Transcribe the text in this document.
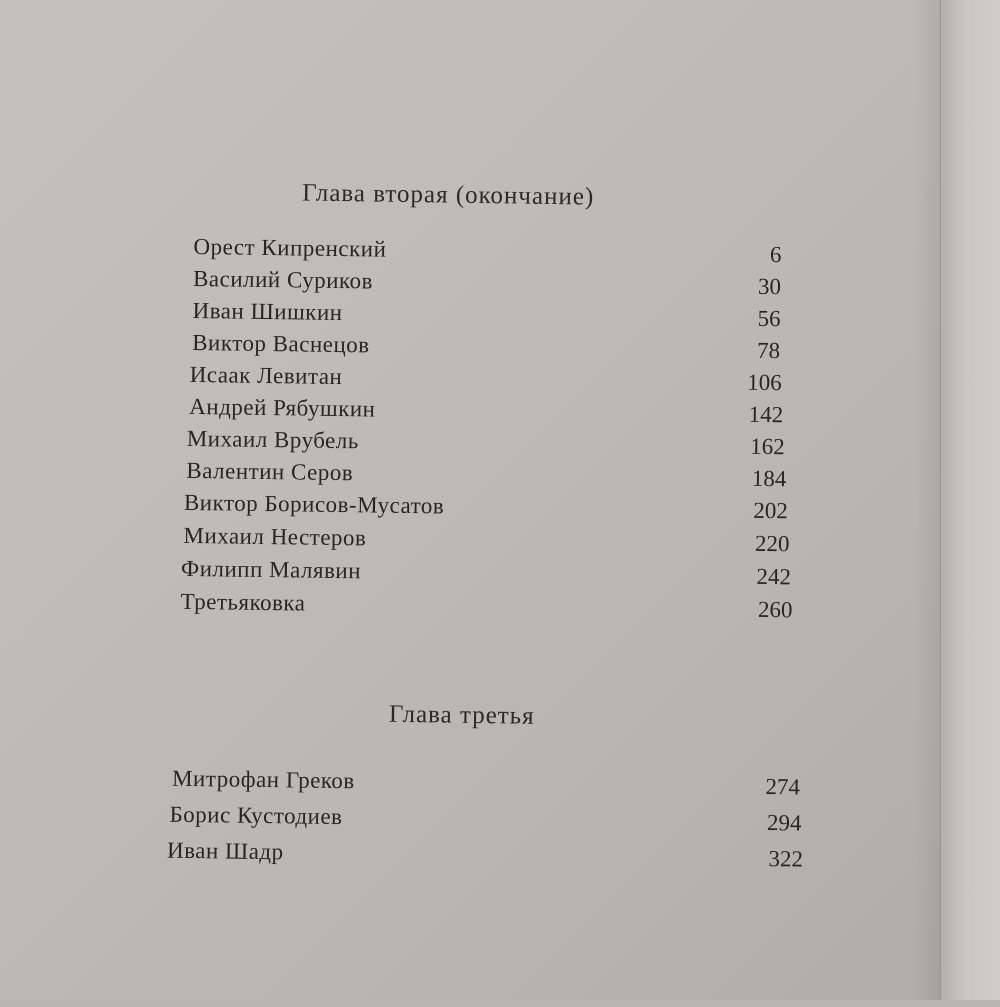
Глава вторая (окончание)
Орест Кипренский	6
Василий Суриков	30
Иван Шишкин	56
Виктор Васнецов	78
Исаак Левитан	106
Андрей Рябушкин	142
Михаил Врубель	162
Валентин Серов	184
Виктор Борисов-Мусатов	202
Михаил Нестеров	220
Филипп Малявин	242
Третьяковка	260
Глава третья
Митрофан Греков	274
Борис Кустодиев	294
Иван Шадр	322
